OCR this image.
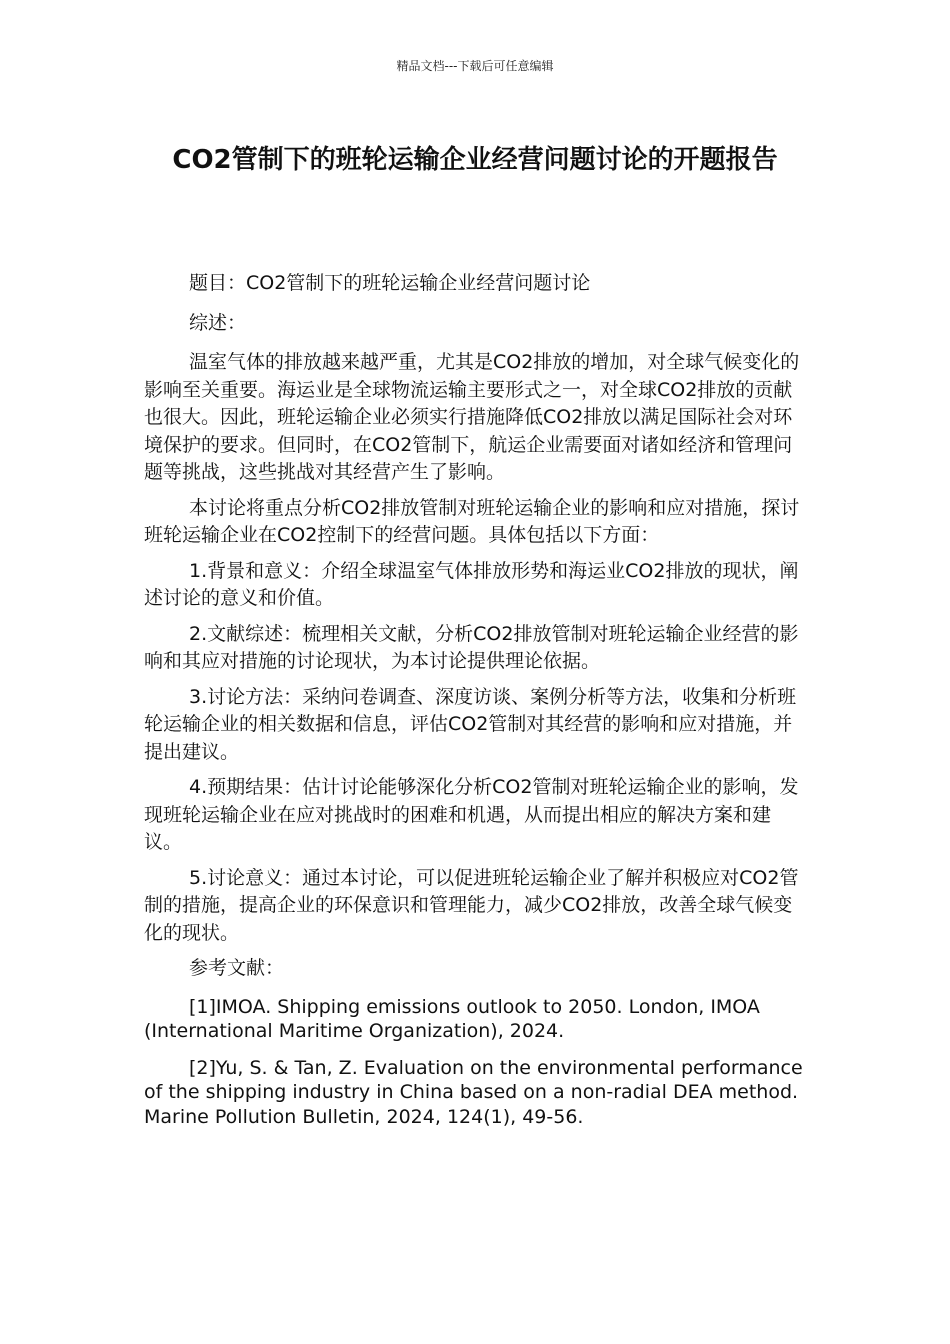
精品文档---下载后可任意编辑
CO2管制下的班轮运输企业经营问题讨论的开题报告

题目：CO2管制下的班轮运输企业经营问题讨论

综述：

温室气体的排放越来越严重，尤其是CO2排放的增加，对全球气候变化的影响至关重要。海运业是全球物流运输主要形式之一，对全球CO2排放的贡献也很大。因此，班轮运输企业必须实行措施降低CO2排放以满足国际社会对环境保护的要求。但同时，在CO2管制下，航运企业需要面对诸如经济和管理问题等挑战，这些挑战对其经营产生了影响。

本讨论将重点分析CO2排放管制对班轮运输企业的影响和应对措施，探讨班轮运输企业在CO2控制下的经营问题。具体包括以下方面：

1.背景和意义：介绍全球温室气体排放形势和海运业CO2排放的现状，阐述讨论的意义和价值。

2.文献综述：梳理相关文献，分析CO2排放管制对班轮运输企业经营的影响和其应对措施的讨论现状，为本讨论提供理论依据。

3.讨论方法：采纳问卷调查、深度访谈、案例分析等方法，收集和分析班轮运输企业的相关数据和信息，评估CO2管制对其经营的影响和应对措施，并提出建议。

4.预期结果：估计讨论能够深化分析CO2管制对班轮运输企业的影响，发现班轮运输企业在应对挑战时的困难和机遇，从而提出相应的解决方案和建议。

5.讨论意义：通过本讨论，可以促进班轮运输企业了解并积极应对CO2管制的措施，提高企业的环保意识和管理能力，减少CO2排放，改善全球气候变化的现状。

参考文献：

[1]IMOA. Shipping emissions outlook to 2050. London, IMOA (International Maritime Organization), 2024.

[2]Yu, S. & Tan, Z. Evaluation on the environmental performance of the shipping industry in China based on a non-radial DEA method. Marine Pollution Bulletin, 2024, 124(1), 49-56.
